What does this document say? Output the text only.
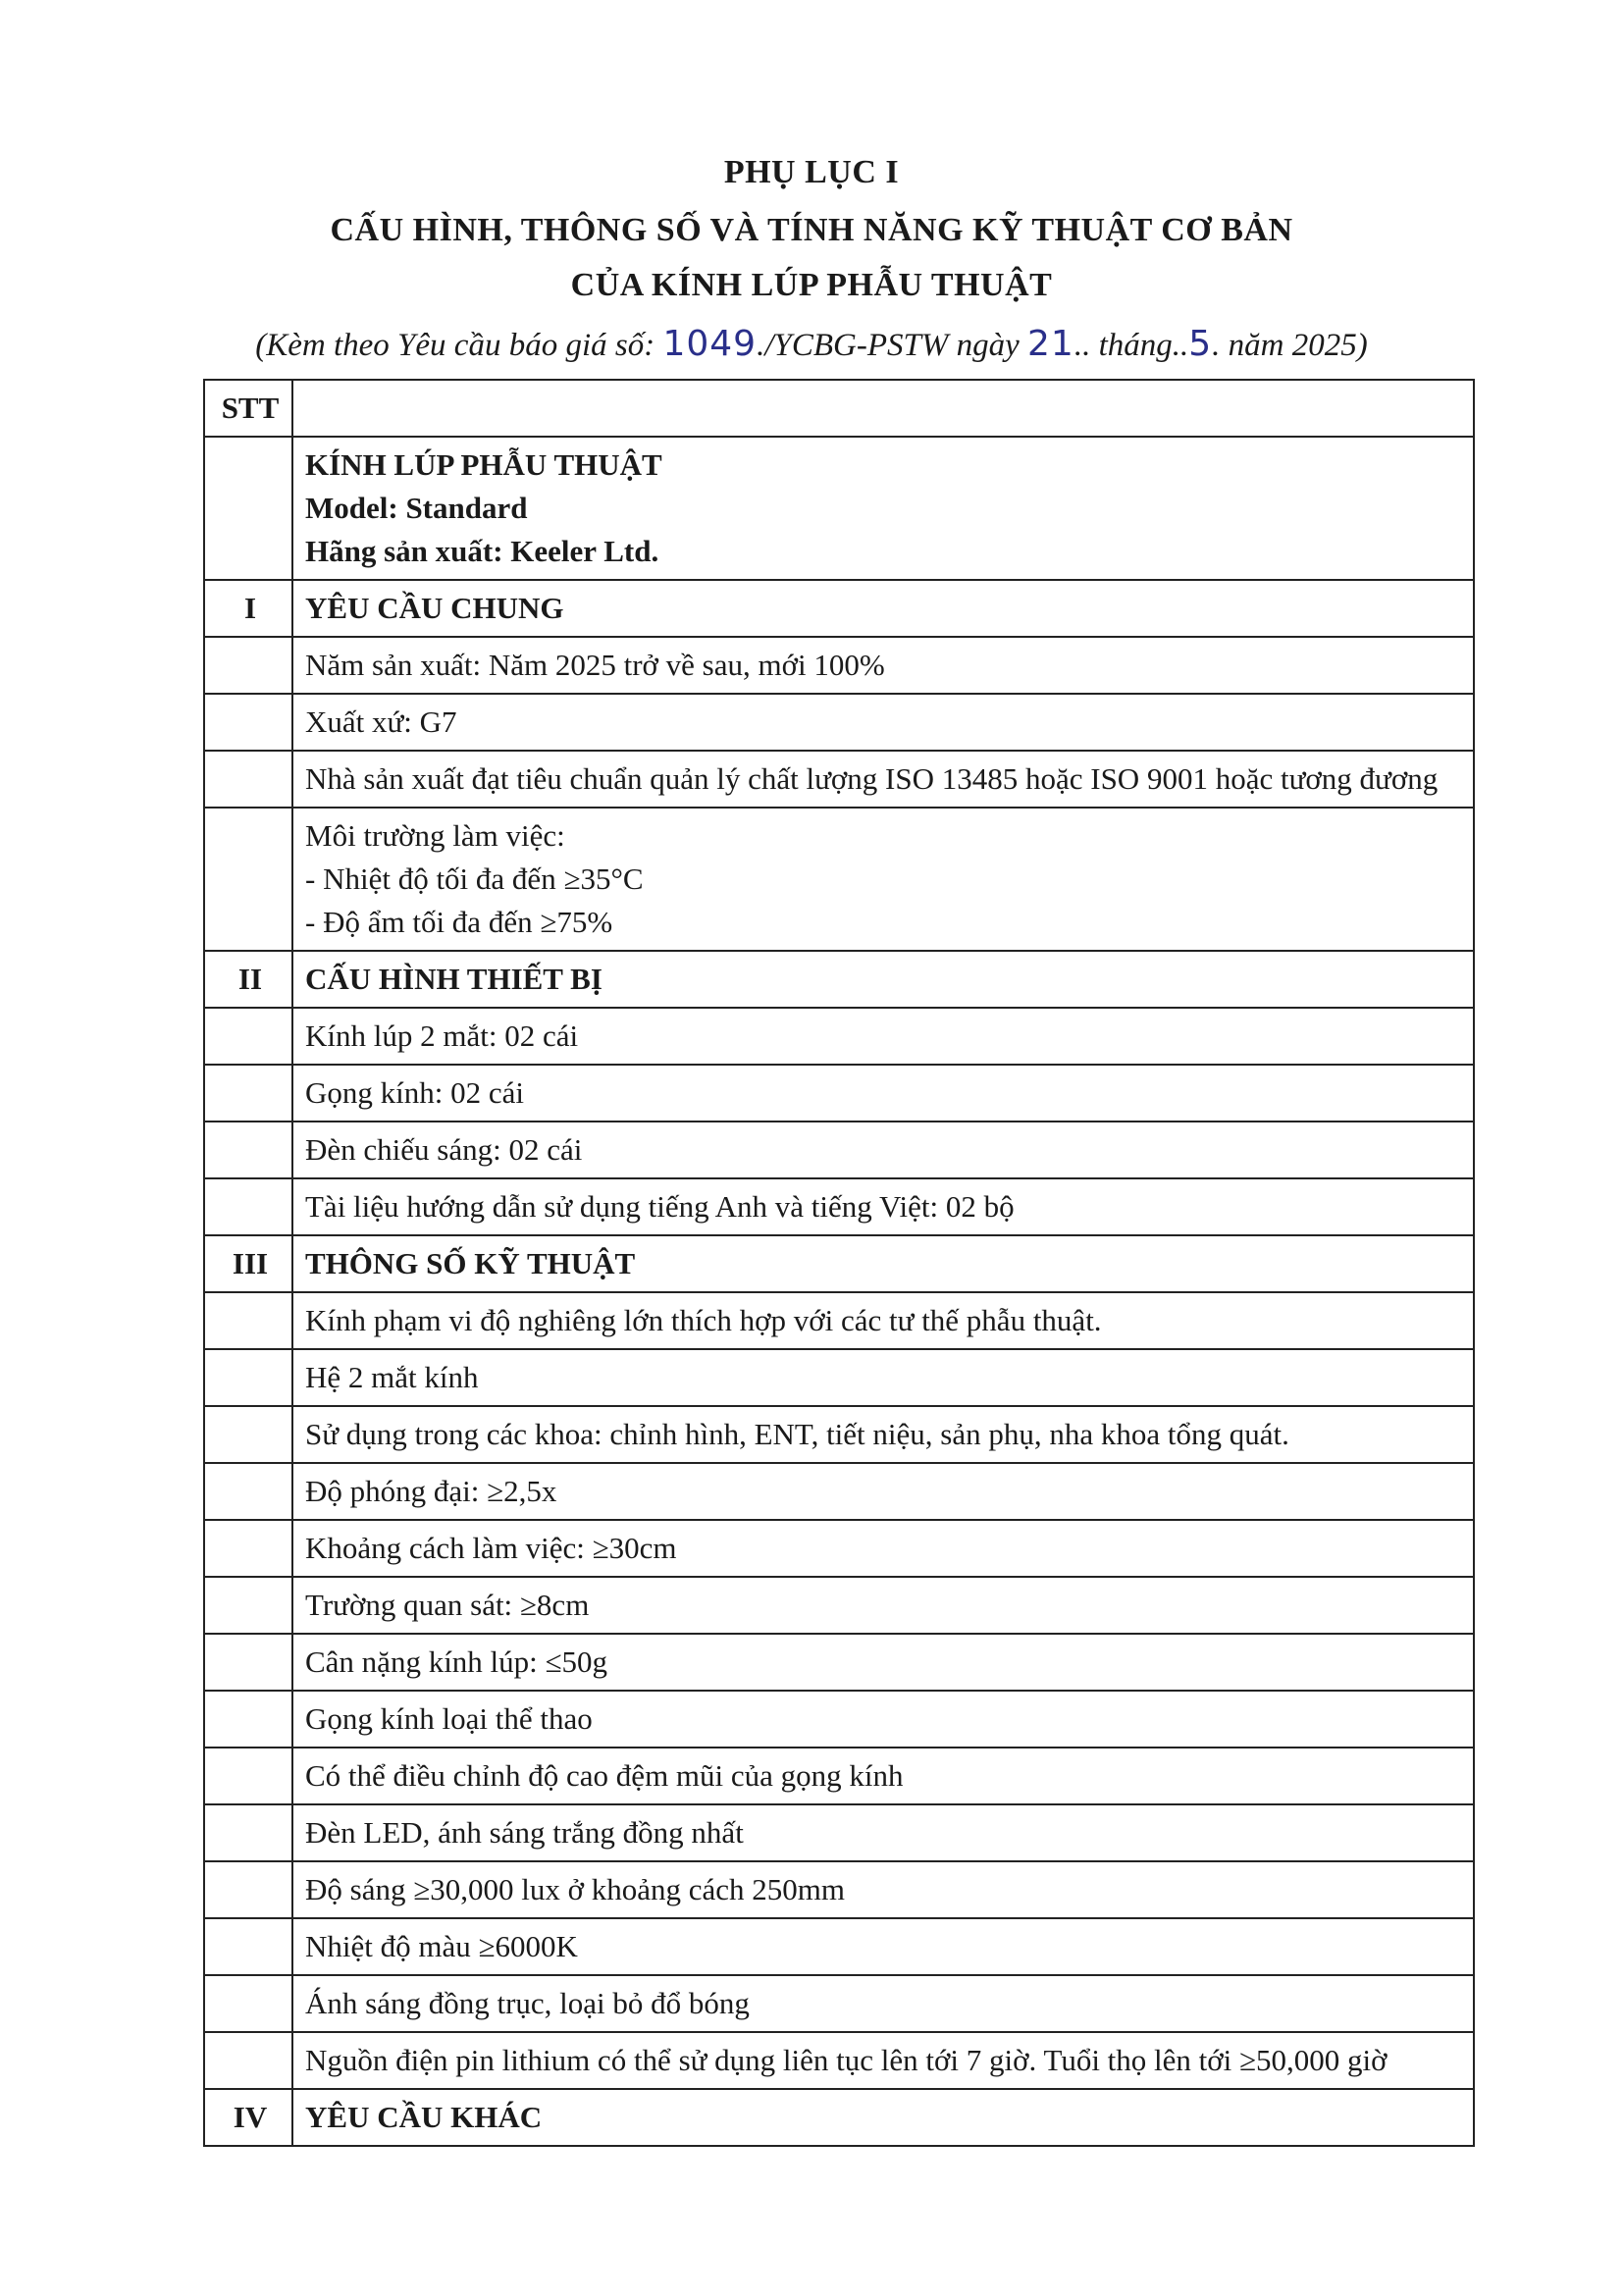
PHỤ LỤC I
CẤU HÌNH, THÔNG SỐ VÀ TÍNH NĂNG KỸ THUẬT CƠ BẢN
CỦA KÍNH LÚP PHẪU THUẬT
(Kèm theo Yêu cầu báo giá số: 1049./YCBG-PSTW ngày 21.. tháng..5. năm 2025)
STT	

	KÍNH LÚP PHẪU THUẬT
Model: Standard
Hãng sản xuất: Keeler Ltd.

I	YÊU CẦU CHUNG

	Năm sản xuất: Năm 2025 trở về sau, mới 100%

	Xuất xứ: G7

	Nhà sản xuất đạt tiêu chuẩn quản lý chất lượng ISO 13485 hoặc ISO 9001 hoặc tương đương

	Môi trường làm việc:
- Nhiệt độ tối đa đến ≥35°C
- Độ ẩm tối đa đến ≥75%

II	CẤU HÌNH THIẾT BỊ

	Kính lúp 2 mắt: 02 cái

	Gọng kính: 02 cái

	Đèn chiếu sáng: 02 cái

	Tài liệu hướng dẫn sử dụng tiếng Anh và tiếng Việt: 02 bộ

III	THÔNG SỐ KỸ THUẬT

	Kính phạm vi độ nghiêng lớn thích hợp với các tư thế phẫu thuật.

	Hệ 2 mắt kính

	Sử dụng trong các khoa: chỉnh hình, ENT, tiết niệu, sản phụ, nha khoa tổng quát.

	Độ phóng đại: ≥2,5x

	Khoảng cách làm việc: ≥30cm

	Trường quan sát: ≥8cm

	Cân nặng kính lúp: ≤50g

	Gọng kính loại thể thao

	Có thể điều chỉnh độ cao đệm mũi của gọng kính

	Đèn LED, ánh sáng trắng đồng nhất

	Độ sáng ≥30,000 lux ở khoảng cách 250mm

	Nhiệt độ màu ≥6000K

	Ánh sáng đồng trục, loại bỏ đổ bóng

	Nguồn điện pin lithium có thể sử dụng liên tục lên tới 7 giờ. Tuổi thọ lên tới ≥50,000 giờ

IV	YÊU CẦU KHÁC
